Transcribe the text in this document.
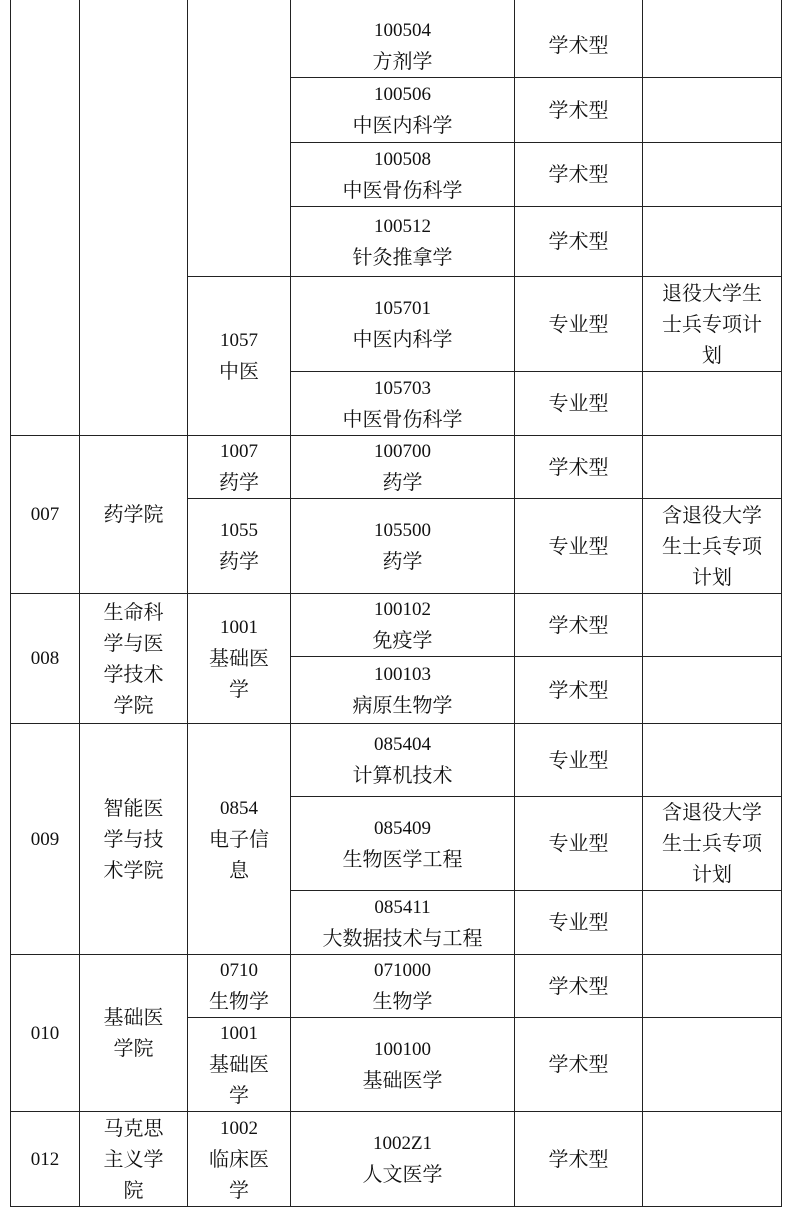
007
008
009
010
012
药学院
生命科
学与医
学技术
学院
智能医
学与技
术学院
基础医
学院
马克思
主义学
院
1057
中医
1007
药学
1055
药学
1001
基础医
学
0854
电子信
息
0710
生物学
1001
基础医
学
1002
临床医
学
100504
方剂学
学术型
100506
中医内科学
学术型
100508
中医骨伤科学
学术型
100512
针灸推拿学
学术型
105701
中医内科学
专业型
退役大学生
士兵专项计
划
105703
中医骨伤科学
专业型
100700
药学
学术型
105500
药学
专业型
含退役大学
生士兵专项
计划
100102
免疫学
学术型
100103
病原生物学
学术型
085404
计算机技术
专业型
085409
生物医学工程
专业型
含退役大学
生士兵专项
计划
085411
大数据技术与工程
专业型
071000
生物学
学术型
100100
基础医学
学术型
1002Z1
人文医学
学术型
